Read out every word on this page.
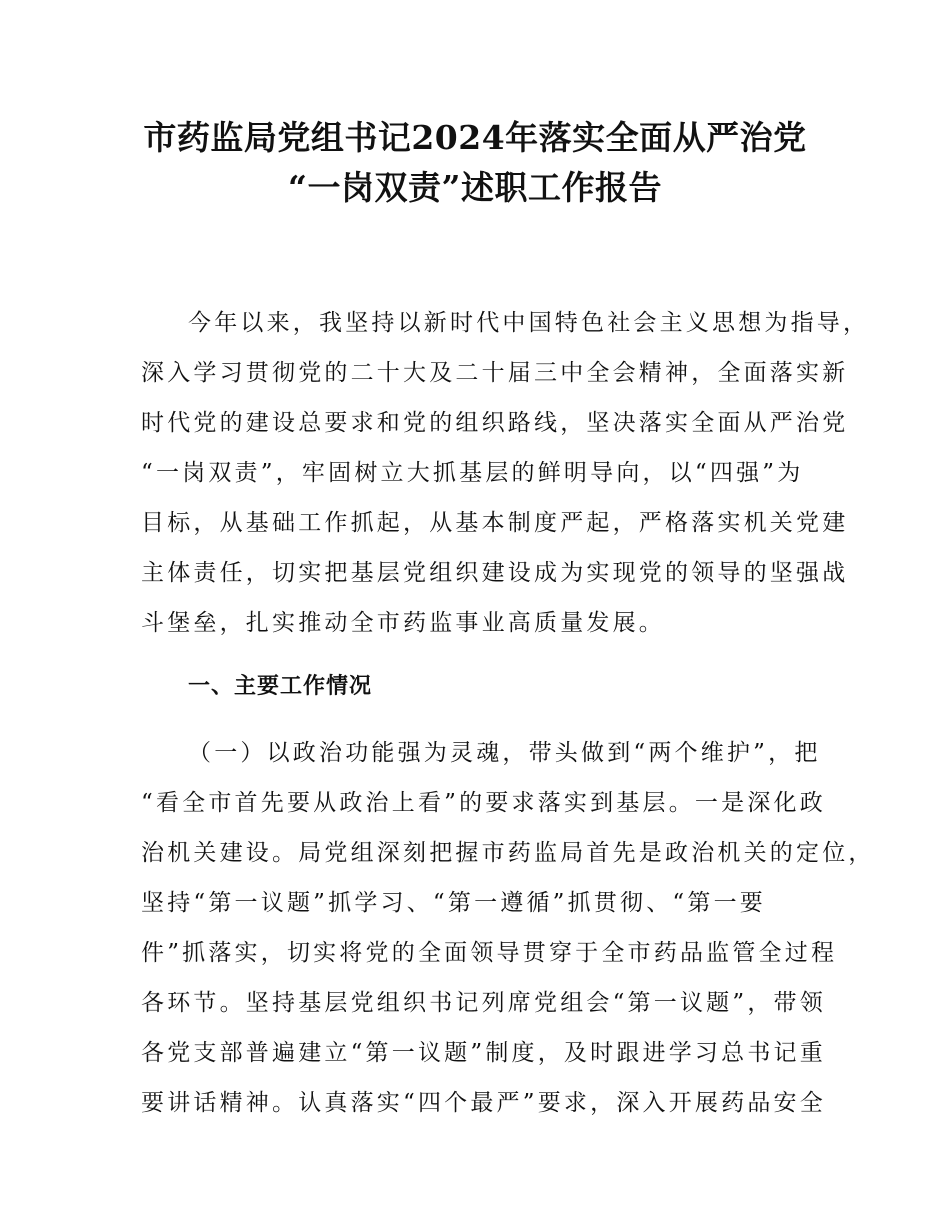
市药监局党组书记2024年落实全面从严治党
“一岗双责”述职工作报告

今年以来，我坚持以新时代中国特色社会主义思想为指导，

深入学习贯彻党的二十大及二十届三中全会精神，全面落实新

时代党的建设总要求和党的组织路线，坚决落实全面从严治党

“一岗双责”，牢固树立大抓基层的鲜明导向，以“四强”为

目标，从基础工作抓起，从基本制度严起，严格落实机关党建

主体责任，切实把基层党组织建设成为实现党的领导的坚强战

斗堡垒，扎实推动全市药监事业高质量发展。

一、主要工作情况

（一）以政治功能强为灵魂，带头做到“两个维护”，把

“看全市首先要从政治上看”的要求落实到基层。一是深化政

治机关建设。局党组深刻把握市药监局首先是政治机关的定位，

坚持“第一议题”抓学习、“第一遵循”抓贯彻、“第一要

件”抓落实，切实将党的全面领导贯穿于全市药品监管全过程

各环节。坚持基层党组织书记列席党组会“第一议题”，带领

各党支部普遍建立“第一议题”制度，及时跟进学习总书记重

要讲话精神。认真落实“四个最严”要求，深入开展药品安全
